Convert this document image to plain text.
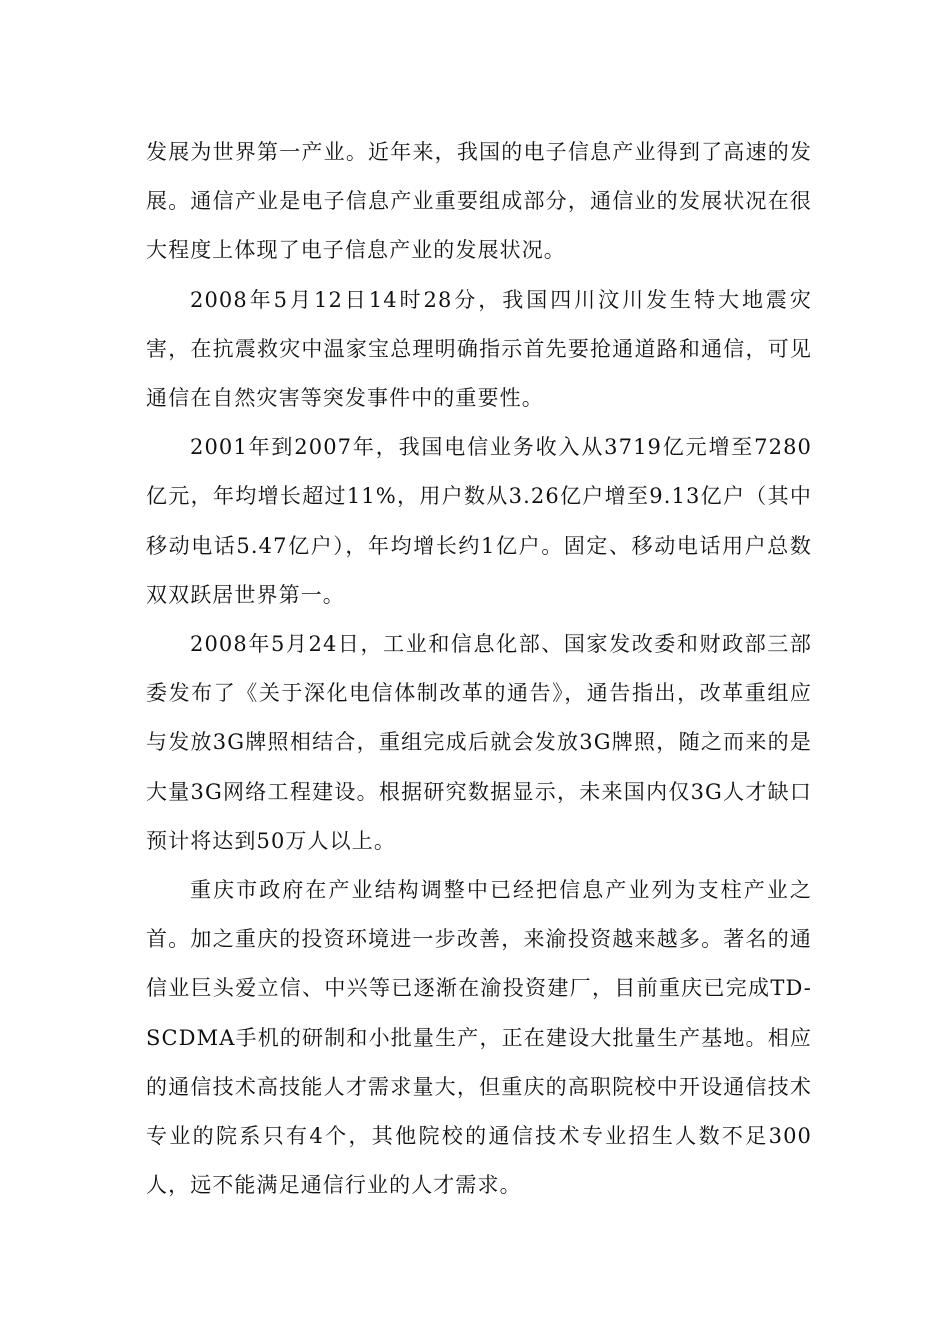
发展为世界第一产业。近年来，我国的电子信息产业得到了高速的发展。通信产业是电子信息产业重要组成部分，通信业的发展状况在很大程度上体现了电子信息产业的发展状况。

2008年5月12日14时28分，我国四川汶川发生特大地震灾害，在抗震救灾中温家宝总理明确指示首先要抢通道路和通信，可见通信在自然灾害等突发事件中的重要性。

2001年到2007年，我国电信业务收入从3719亿元增至7280亿元，年均增长超过11%，用户数从3.26亿户增至9.13亿户（其中移动电话5.47亿户），年均增长约1亿户。固定、移动电话用户总数双双跃居世界第一。

2008年5月24日，工业和信息化部、国家发改委和财政部三部委发布了《关于深化电信体制改革的通告》，通告指出，改革重组应与发放3G牌照相结合，重组完成后就会发放3G牌照，随之而来的是大量3G网络工程建设。根据研究数据显示，未来国内仅3G人才缺口预计将达到50万人以上。

重庆市政府在产业结构调整中已经把信息产业列为支柱产业之首。加之重庆的投资环境进一步改善，来渝投资越来越多。著名的通信业巨头爱立信、中兴等已逐渐在渝投资建厂，目前重庆已完成TD-SCDMA手机的研制和小批量生产，正在建设大批量生产基地。相应的通信技术高技能人才需求量大，但重庆的高职院校中开设通信技术专业的院系只有4个，其他院校的通信技术专业招生人数不足300人，远不能满足通信行业的人才需求。
